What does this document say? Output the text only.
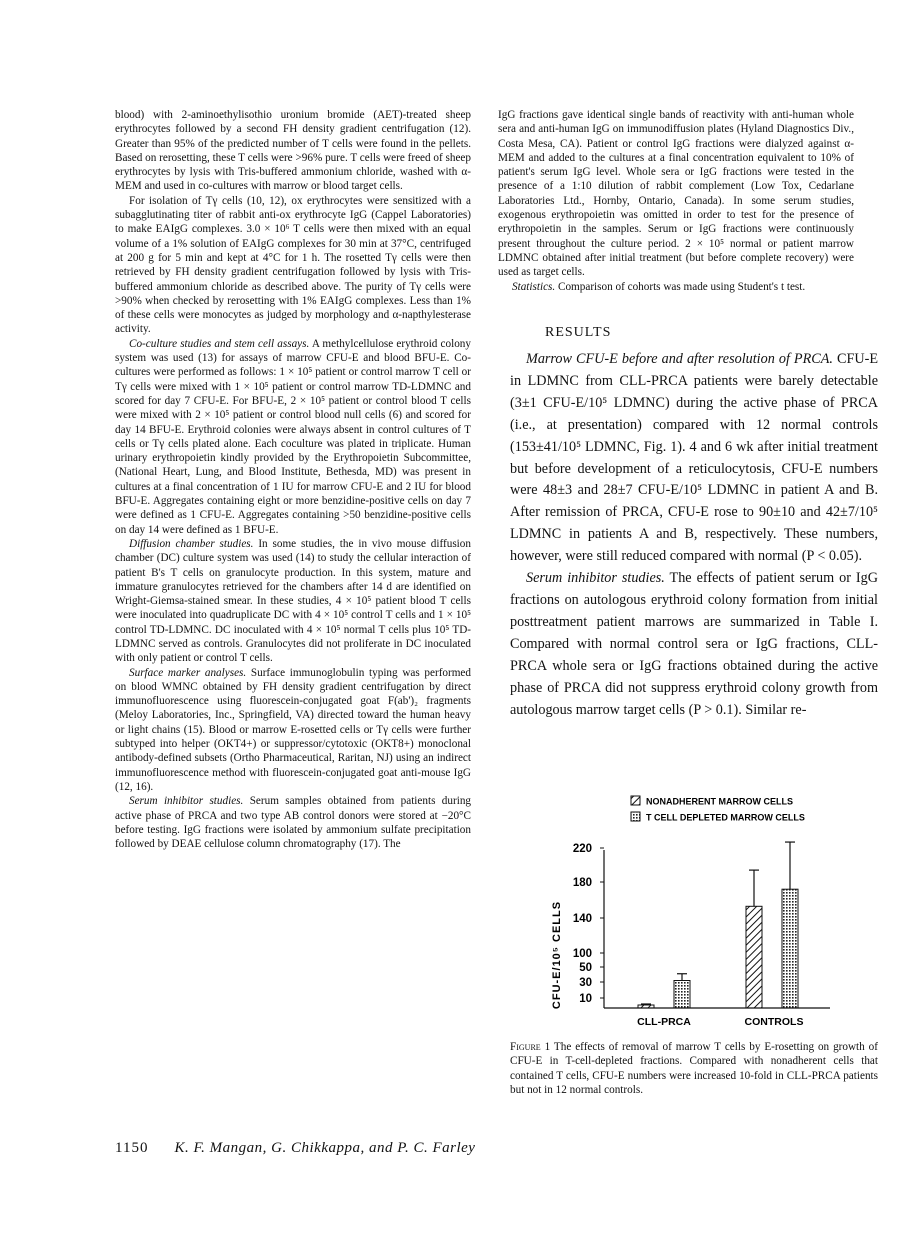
blood) with 2-aminoethylisothio uronium bromide (AET)-treated sheep erythrocytes followed by a second FH density gradient centrifugation (12). Greater than 95% of the predicted number of T cells were found in the pellets. Based on rerosetting, these T cells were >96% pure. T cells were freed of sheep erythrocytes by lysis with Tris-buffered ammonium chloride, washed with α-MEM and used in co-cultures with marrow or blood target cells.

For isolation of Tγ cells (10, 12), ox erythrocytes were sensitized with a subagglutinating titer of rabbit anti-ox erythrocyte IgG (Cappel Laboratories) to make EAIgG complexes. 3.0 × 10⁶ T cells were then mixed with an equal volume of a 1% solution of EAIgG complexes for 30 min at 37°C, centrifuged at 200 g for 5 min and kept at 4°C for 1 h. The rosetted Tγ cells were then retrieved by FH density gradient centrifugation followed by lysis with Tris-buffered ammonium chloride as described above. The purity of Tγ cells were >90% when checked by rerosetting with 1% EAIgG complexes. Less than 1% of these cells were monocytes as judged by morphology and α-napthylesterase activity.

Co-culture studies and stem cell assays. A methylcellulose erythroid colony system was used (13) for assays of marrow CFU-E and blood BFU-E. Co-cultures were performed as follows: 1 × 10⁵ patient or control marrow T cell or Tγ cells were mixed with 1 × 10⁵ patient or control marrow TD-LDMNC and scored for day 7 CFU-E. For BFU-E, 2 × 10⁵ patient or control blood T cells were mixed with 2 × 10⁵ patient or control blood null cells (6) and scored for day 14 BFU-E. Erythroid colonies were always absent in control cultures of T cells or Tγ cells plated alone. Each coculture was plated in triplicate. Human urinary erythropoietin kindly provided by the Erythropoietin Subcommittee, (National Heart, Lung, and Blood Institute, Bethesda, MD) was present in cultures at a final concentration of 1 IU for marrow CFU-E and 2 IU for blood BFU-E. Aggregates containing eight or more benzidine-positive cells on day 7 were defined as 1 CFU-E. Aggregates containing >50 benzidine-positive cells on day 14 were defined as 1 BFU-E.

Diffusion chamber studies. In some studies, the in vivo mouse diffusion chamber (DC) culture system was used (14) to study the cellular interaction of patient B's T cells on granulocyte production. In this system, mature and immature granulocytes retrieved for the chambers after 14 d are identified on Wright-Giemsa-stained smear. In these studies, 4 × 10⁵ patient blood T cells were inoculated into quadruplicate DC with 4 × 10⁵ control T cells and 1 × 10⁵ control TD-LDMNC. DC inoculated with 4 × 10⁵ normal T cells plus 10⁵ TD-LDMNC served as controls. Granulocytes did not proliferate in DC inoculated with only patient or control T cells.

Surface marker analyses. Surface immunoglobulin typing was performed on blood WMNC obtained by FH density gradient centrifugation by direct immunofluorescence using fluorescein-conjugated goat F(ab')₂ fragments (Meloy Laboratories, Inc., Springfield, VA) directed toward the human heavy or light chains (15). Blood or marrow E-rosetted cells or Tγ cells were further subtyped into helper (OKT4+) or suppressor/cytotoxic (OKT8+) monoclonal antibody-defined subsets (Ortho Pharmaceutical, Raritan, NJ) using an indirect immunofluorescence method with fluorescein-conjugated goat anti-mouse IgG (12, 16).

Serum inhibitor studies. Serum samples obtained from patients during active phase of PRCA and two type AB control donors were stored at −20°C before testing. IgG fractions were isolated by ammonium sulfate precipitation followed by DEAE cellulose column chromatography (17). The

IgG fractions gave identical single bands of reactivity with anti-human whole sera and anti-human IgG on immunodiffusion plates (Hyland Diagnostics Div., Costa Mesa, CA). Patient or control IgG fractions were dialyzed against α-MEM and added to the cultures at a final concentration equivalent to 10% of patient's serum IgG level. Whole sera or IgG fractions were tested in the presence of a 1:10 dilution of rabbit complement (Low Tox, Cedarlane Laboratories Ltd., Hornby, Ontario, Canada). In some serum studies, exogenous erythropoietin was omitted in order to test for the presence of erythropoietin in the samples. Serum or IgG fractions were continuously present throughout the culture period. 2 × 10⁵ normal or patient marrow LDMNC obtained after initial treatment (but before complete recovery) were used as target cells.

Statistics. Comparison of cohorts was made using Student's t test.

RESULTS

Marrow CFU-E before and after resolution of PRCA. CFU-E in LDMNC from CLL-PRCA patients were barely detectable (3±1 CFU-E/10⁵ LDMNC) during the active phase of PRCA (i.e., at presentation) compared with 12 normal controls (153±41/10⁵ LDMNC, Fig. 1). 4 and 6 wk after initial treatment but before development of a reticulocytosis, CFU-E numbers were 48±3 and 28±7 CFU-E/10⁵ LDMNC in patient A and B. After remission of PRCA, CFU-E rose to 90±10 and 42±7/10⁵ LDMNC in patients A and B, respectively. These numbers, however, were still reduced compared with normal (P < 0.05).

Serum inhibitor studies. The effects of patient serum or IgG fractions on autologous erythroid colony formation from initial posttreatment patient marrows are summarized in Table I. Compared with normal control sera or IgG fractions, CLL-PRCA whole sera or IgG fractions obtained during the active phase of PRCA did not suppress erythroid colony growth from autologous marrow target cells (P > 0.1). Similar re-

NONADHERENT MARROW CELLS
T CELL DEPLETED MARROW CELLS
CFU-E/10⁵ CELLS
220
180
140
100
50
30
10
CLL-PRCA	CONTROLS
Figure 1 The effects of removal of marrow T cells by E-rosetting on growth of CFU-E in T-cell-depleted fractions. Compared with nonadherent cells that contained T cells, CFU-E numbers were increased 10-fold in CLL-PRCA patients but not in 12 normal controls.
1150 K. F. Mangan, G. Chikkappa, and P. C. Farley
